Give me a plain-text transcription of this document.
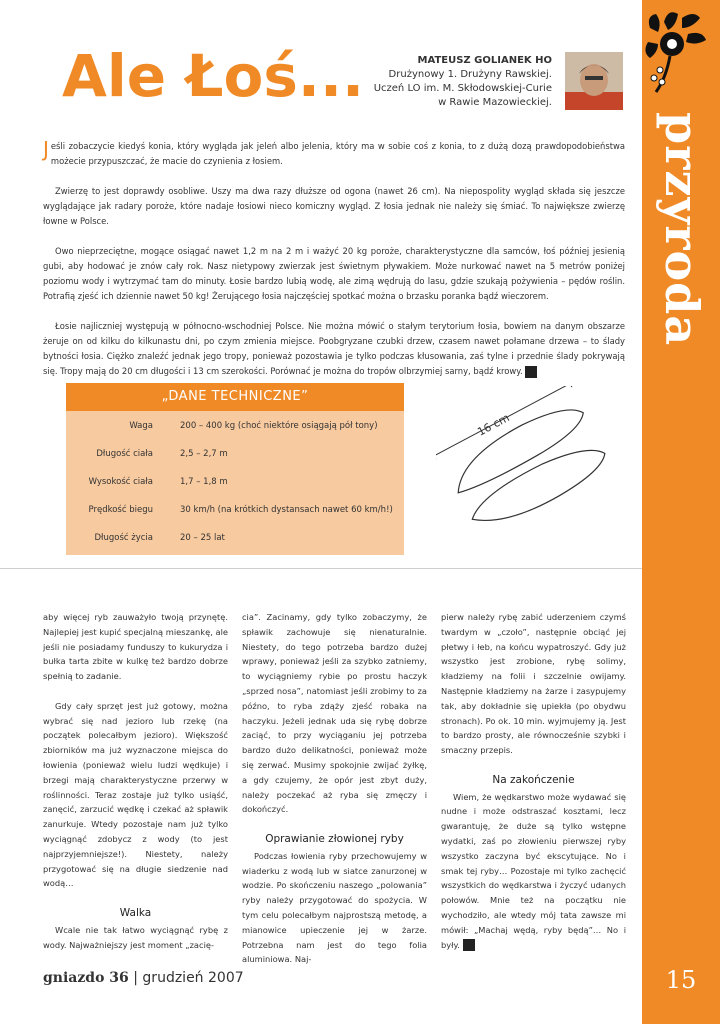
przyroda
15
Ale Łoś...	MATEUSZ GOLIANEK HO
Drużynowy 1. Drużyny Rawskiej.
Uczeń LO im. M. Skłodowskiej-Curie
w Rawie Mazowieckiej.

Jeśli zobaczycie kiedyś konia, który wygląda jak jeleń albo jelenia, który ma w sobie coś z konia, to z dużą dozą prawdopodobieństwa możecie przypuszczać, że macie do czynienia z łosiem.

Zwierzę to jest doprawdy osobliwe. Uszy ma dwa razy dłuższe od ogona (nawet 26 cm). Na niepospolity wygląd składa się jeszcze wyglądające jak radary poroże, które nadaje łosiowi nieco komiczny wygląd. Z łosia jednak nie należy się śmiać. To największe zwierzę łowne w Polsce.

Owo nieprzeciętne, mogące osiągać nawet 1,2 m na 2 m i ważyć 20 kg poroże, charakterystyczne dla samców, łoś później jesienią gubi, aby hodować je znów cały rok. Nasz nietypowy zwierzak jest świetnym pływakiem. Może nurkować nawet na 5 metrów poniżej poziomu wody i wytrzymać tam do minuty. Łosie bardzo lubią wodę, ale zimą wędrują do lasu, gdzie szukają pożywienia – pędów roślin. Potrafią zjeść ich dziennie nawet 50 kg! Żerującego łosia najczęściej spotkać można o brzasku poranka bądź wieczorem.

Łosie najliczniej występują w północno-wschodniej Polsce. Nie można mówić o stałym terytorium łosia, bowiem na danym obszarze żeruje on od kilku do kilkunastu dni, po czym zmienia miejsce. Poobgryzane czubki drzew, czasem nawet połamane drzewa – to ślady bytności łosia. Ciężko znaleźć jednak jego tropy, ponieważ pozostawia je tylko podczas kłusowania, zaś tylne i przednie ślady pokrywają się. Tropy mają do 20 cm długości i 13 cm szerokości. Porównać je można do tropów olbrzymiej sarny, bądź krowy. ✎

„DANE TECHNICZNE”
Waga	200 – 400 kg (choć niektóre osiągają pół tony)
Długość ciała	2,5 – 2,7 m
Wysokość ciała	1,7 – 1,8 m
Prędkość biegu	30 km/h (na krótkich dystansach nawet 60 km/h!)
Długość życia	20 – 25 lat
16 cm

aby więcej ryb zauważyło twoją przynętę. Najlepiej jest kupić specjalną mieszankę, ale jeśli nie posiadamy funduszy to kukurydza i bułka tarta zbite w kulkę też bardzo dobrze spełnią to zadanie.

Gdy cały sprzęt jest już gotowy, można wybrać się nad jezioro lub rzekę (na początek polecałbym jezioro). Większość zbiorników ma już wyznaczone miejsca do łowienia (ponieważ wielu ludzi wędkuje) i brzegi mają charakterystyczne przerwy w roślinności. Teraz zostaje już tylko usiąść, zanęcić, zarzucić wędkę i czekać aż spławik zanurkuje. Wtedy pozostaje nam już tylko wyciągnąć zdobycz z wody (to jest najprzyjemniejsze!). Niestety, należy przygotować się na długie siedzenie nad wodą…

Walka

Wcale nie tak łatwo wyciągnąć rybę z wody. Najważniejszy jest moment „zacię-

cia”. Zacinamy, gdy tylko zobaczymy, że spławik zachowuje się nienaturalnie. Niestety, do tego potrzeba bardzo dużej wprawy, ponieważ jeśli za szybko zatniemy, to wyciągniemy rybie po prostu haczyk „sprzed nosa”, natomiast jeśli zrobimy to za późno, to ryba zdąży zjeść robaka na haczyku. Jeżeli jednak uda się rybę dobrze zaciąć, to przy wyciąganiu jej potrzeba bardzo dużo delikatności, ponieważ może się zerwać. Musimy spokojnie zwijać żyłkę, a gdy czujemy, że opór jest zbyt duży, należy poczekać aż ryba się zmęczy i dokończyć.

Oprawianie złowionej ryby

Podczas łowienia ryby przechowujemy w wiaderku z wodą lub w siatce zanurzonej w wodzie. Po skończeniu naszego „polowania” ryby należy przygotować do spożycia. W tym celu polecałbym najprostszą metodę, a mianowice upieczenie jej w żarze. Potrzebna nam jest do tego folia aluminiowa. Naj-

pierw należy rybę zabić uderzeniem czymś twardym w „czoło”, następnie obciąć jej płetwy i łeb, na końcu wypatroszyć. Gdy już wszystko jest zrobione, rybę solimy, kładziemy na folii i szczelnie owijamy. Następnie kładziemy na żarze i zasypujemy tak, aby dokładnie się upiekła (po obydwu stronach). Po ok. 10 min. wyjmujemy ją. Jest to bardzo prosty, ale równocześnie szybki i smaczny przepis.

Na zakończenie

Wiem, że wędkarstwo może wydawać się nudne i może odstraszać kosztami, lecz gwarantuję, że duże są tylko wstępne wydatki, zaś po złowieniu pierwszej ryby wszystko zaczyna być ekscytujące. No i smak tej ryby… Pozostaje mi tylko zachęcić wszystkich do wędkarstwa i życzyć udanych połowów. Mnie też na początku nie wychodziło, ale wtedy mój tata zawsze mi mówił: „Machaj wędą, ryby będą”… No i były. ✎

gniazdo 36 | grudzień 2007
